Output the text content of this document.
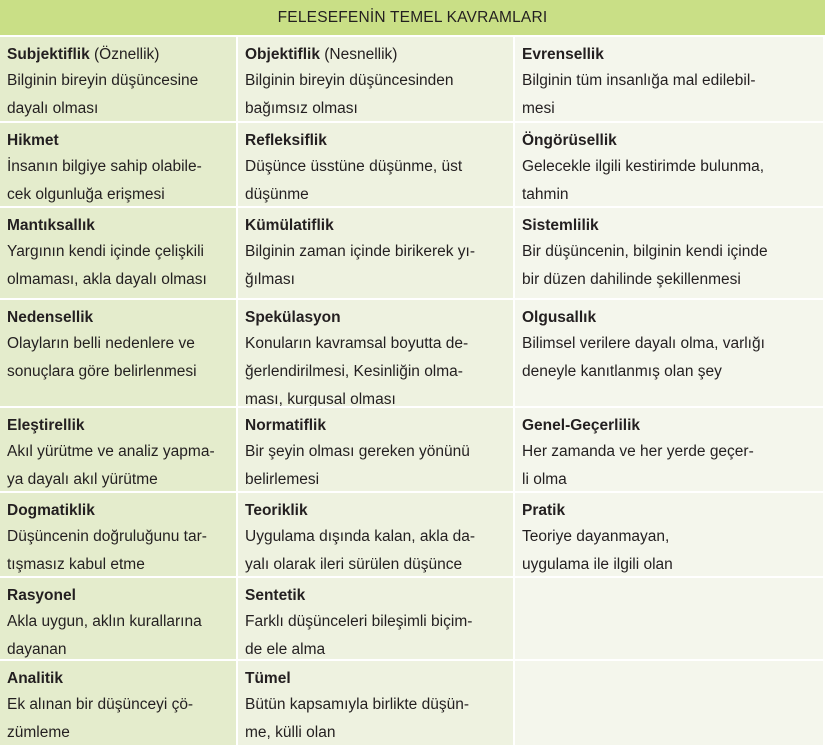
FELESEFENİN TEMEL KAVRAMLARI
Subjektiflik (Öznellik)
Bilginin bireyin düşüncesine
dayalı olması
Objektiflik (Nesnellik)
Bilginin bireyin düşüncesinden
bağımsız olması
Evrensellik
Bilginin tüm insanlığa mal edilebil-
mesi
Hikmet
İnsanın bilgiye sahip olabile-
cek olgunluğa erişmesi
Refleksiflik
Düşünce üsstüne düşünme, üst
düşünme
Öngörüsellik
Gelecekle ilgili kestirimde bulunma,
tahmin
Mantıksallık
Yargının kendi içinde çelişkili
olmaması, akla dayalı olması
Kümülatiflik
Bilginin zaman içinde birikerek yı-
ğılması
Sistemlilik
Bir düşüncenin, bilginin kendi içinde
bir düzen dahilinde şekillenmesi
Nedensellik
Olayların belli nedenlere ve
sonuçlara göre belirlenmesi
Spekülasyon
Konuların kavramsal boyutta de-
ğerlendirilmesi, Kesinliğin olma-
ması, kurgusal olması
Olgusallık
Bilimsel verilere dayalı olma, varlığı
deneyle kanıtlanmış olan şey
Eleştirellik
Akıl yürütme ve analiz yapma-
ya dayalı akıl yürütme
Normatiflik
Bir şeyin olması gereken yönünü
belirlemesi
Genel-Geçerlilik
Her zamanda ve her yerde geçer-
li olma
Dogmatiklik
Düşüncenin doğruluğunu tar-
tışmasız kabul etme
Teoriklik
Uygulama dışında kalan, akla da-
yalı olarak ileri sürülen düşünce
Pratik
Teoriye dayanmayan,
uygulama ile ilgili olan
Rasyonel
Akla uygun, aklın kurallarına
dayanan
Sentetik
Farklı düşünceleri bileşimli biçim-
de ele alma
Analitik
Ek alınan bir düşünceyi çö-
zümleme
Tümel
Bütün kapsamıyla birlikte düşün-
me, külli olan
